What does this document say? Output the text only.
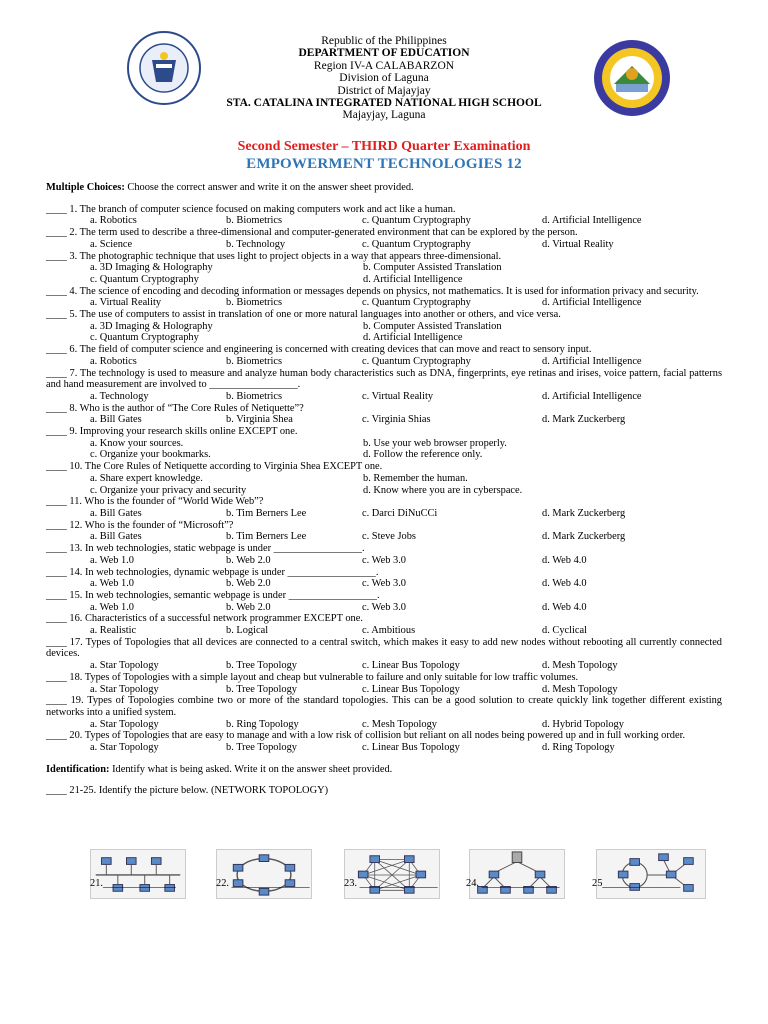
Republic of the Philippines
DEPARTMENT OF EDUCATION
Region IV-A CALABARZON
Division of Laguna
District of Majayjay
STA. CATALINA INTEGRATED NATIONAL HIGH SCHOOL
Majayjay, Laguna
Second Semester – THIRD Quarter Examination
EMPOWERMENT TECHNOLOGIES 12
Multiple Choices: Choose the correct answer and write it on the answer sheet provided.
____ 1. The branch of computer science focused on making computers work and act like a human.
a. Robotics	b. Biometrics	c. Quantum Cryptography	d. Artificial Intelligence
____ 2. The term used to describe a three-dimensional and computer-generated environment that can be explored by the person.
a. Science	b. Technology	c. Quantum Cryptography	d. Virtual Reality
____ 3. The photographic technique that uses light to project objects in a way that appears three-dimensional.
a. 3D Imaging & Holography	b. Computer Assisted Translation
c. Quantum Cryptography	d. Artificial Intelligence
____ 4. The science of encoding and decoding information or messages depends on physics, not mathematics. It is used for information privacy and security.
a. Virtual Reality	b. Biometrics	c. Quantum Cryptography	d. Artificial Intelligence
____ 5. The use of computers to assist in translation of one or more natural languages into another or others, and vice versa.
a. 3D Imaging & Holography	b. Computer Assisted Translation
c. Quantum Cryptography	d. Artificial Intelligence
____ 6. The field of computer science and engineering is concerned with creating devices that can move and react to sensory input.
a. Robotics	b. Biometrics	c. Quantum Cryptography	d. Artificial Intelligence
____ 7. The technology is used to measure and analyze human body characteristics such as DNA, fingerprints, eye retinas and irises, voice pattern, facial patterns and hand measurement are involved to _________________.
a. Technology	b. Biometrics	c. Virtual Reality	d. Artificial Intelligence
____ 8. Who is the author of “The Core Rules of Netiquette”?
a. Bill Gates	b. Virginia Shea	c. Virginia Shias	d. Mark Zuckerberg
____ 9. Improving your research skills online EXCEPT one.
a. Know your sources.	b. Use your web browser properly.
c. Organize your bookmarks.	d. Follow the reference only.
____ 10. The Core Rules of Netiquette according to Virginia Shea EXCEPT one.
a. Share expert knowledge.	b. Remember the human.
c. Organize your privacy and security	d. Know where you are in cyberspace.
____ 11. Who is the founder of “World Wide Web”?
a. Bill Gates	b. Tim Berners Lee	c. Darci DiNuCCi	d. Mark Zuckerberg
____ 12. Who is the founder of “Microsoft”?
a. Bill Gates	b. Tim Berners Lee	c. Steve Jobs	d. Mark Zuckerberg
____ 13. In web technologies, static webpage is under _________________.
a. Web 1.0	b. Web 2.0	c. Web 3.0	d. Web 4.0
____ 14. In web technologies, dynamic webpage is under _________________.
a. Web 1.0	b. Web 2.0	c. Web 3.0	d. Web 4.0
____ 15. In web technologies, semantic webpage is under _________________.
a. Web 1.0	b. Web 2.0	c. Web 3.0	d. Web 4.0
____ 16. Characteristics of a successful network programmer EXCEPT one.
a. Realistic	b. Logical	c. Ambitious	d. Cyclical
____ 17. Types of Topologies that all devices are connected to a central switch, which makes it easy to add new nodes without rebooting all currently connected devices.
a. Star Topology	b. Tree Topology	c. Linear Bus Topology	d. Mesh Topology
____ 18. Types of Topologies with a simple layout and cheap but vulnerable to failure and only suitable for low traffic volumes.
a. Star Topology	b. Tree Topology	c. Linear Bus Topology	d. Mesh Topology
____ 19. Types of Topologies combine two or more of the standard topologies. This can be a good solution to create quickly link together different existing networks into a unified system.
a. Star Topology	b. Ring Topology	c. Mesh Topology	d. Hybrid Topology
____ 20. Types of Topologies that are easy to manage and with a low risk of collision but reliant on all nodes being powered up and in full working order.
a. Star Topology	b. Tree Topology	c. Linear Bus Topology	d. Ring Topology
Identification: Identify what is being asked. Write it on the answer sheet provided.
____ 21-25. Identify the picture below. (NETWORK TOPOLOGY)
21.______________	22. _______________	23. _______________	24. _______________	25_______________
